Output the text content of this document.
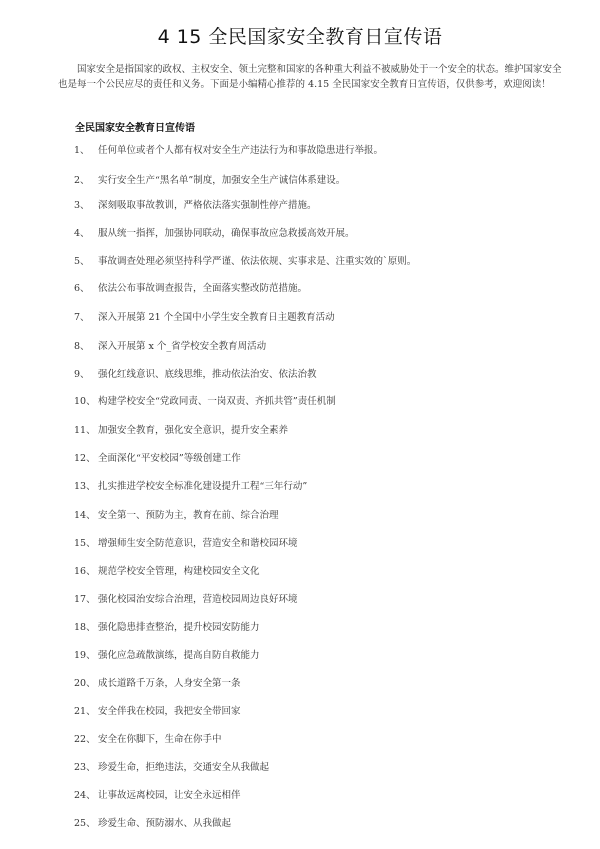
4 15 全民国家安全教育日宣传语
国家安全是指国家的政权、主权安全、领土完整和国家的各种重大利益不被威胁处于一个安全的状态。维护国家安全也是每一个公民应尽的责任和义务。下面是小编精心推荐的 4.15 全民国家安全教育日宣传语，仅供参考，欢迎阅读！
全民国家安全教育日宣传语
1、 任何单位或者个人都有权对安全生产违法行为和事故隐患进行举报。
2、 实行安全生产“黑名单”制度，加强安全生产诚信体系建设。
3、 深刻吸取事故教训，严格依法落实强制性停产措施。
4、 服从统一指挥，加强协同联动，确保事故应急救援高效开展。
5、 事故调查处理必须坚持科学严谨、依法依规、实事求是、注重实效的`原则。
6、 依法公布事故调查报告，全面落实整改防范措施。
7、 深入开展第 21 个全国中小学生安全教育日主题教育活动
8、 深入开展第 x 个_省学校安全教育周活动
9、 强化红线意识、底线思维，推动依法治安、依法治教
10、 构建学校安全“党政同责、一岗双责、齐抓共管”责任机制
11、 加强安全教育，强化安全意识，提升安全素养
12、 全面深化“平安校园”等级创建工作
13、 扎实推进学校安全标准化建设提升工程“三年行动”
14、 安全第一、预防为主，教育在前、综合治理
15、 增强师生安全防范意识，营造安全和谐校园环境
16、 规范学校安全管理，构建校园安全文化
17、 强化校园治安综合治理，营造校园周边良好环境
18、 强化隐患排查整治，提升校园安防能力
19、 强化应急疏散演练，提高自防自救能力
20、 成长道路千万条，人身安全第一条
21、 安全伴我在校园，我把安全带回家
22、 安全在你脚下，生命在你手中
23、 珍爱生命，拒绝违法，交通安全从我做起
24、 让事故远离校园，让安全永远相伴
25、 珍爱生命、预防溺水、从我做起
